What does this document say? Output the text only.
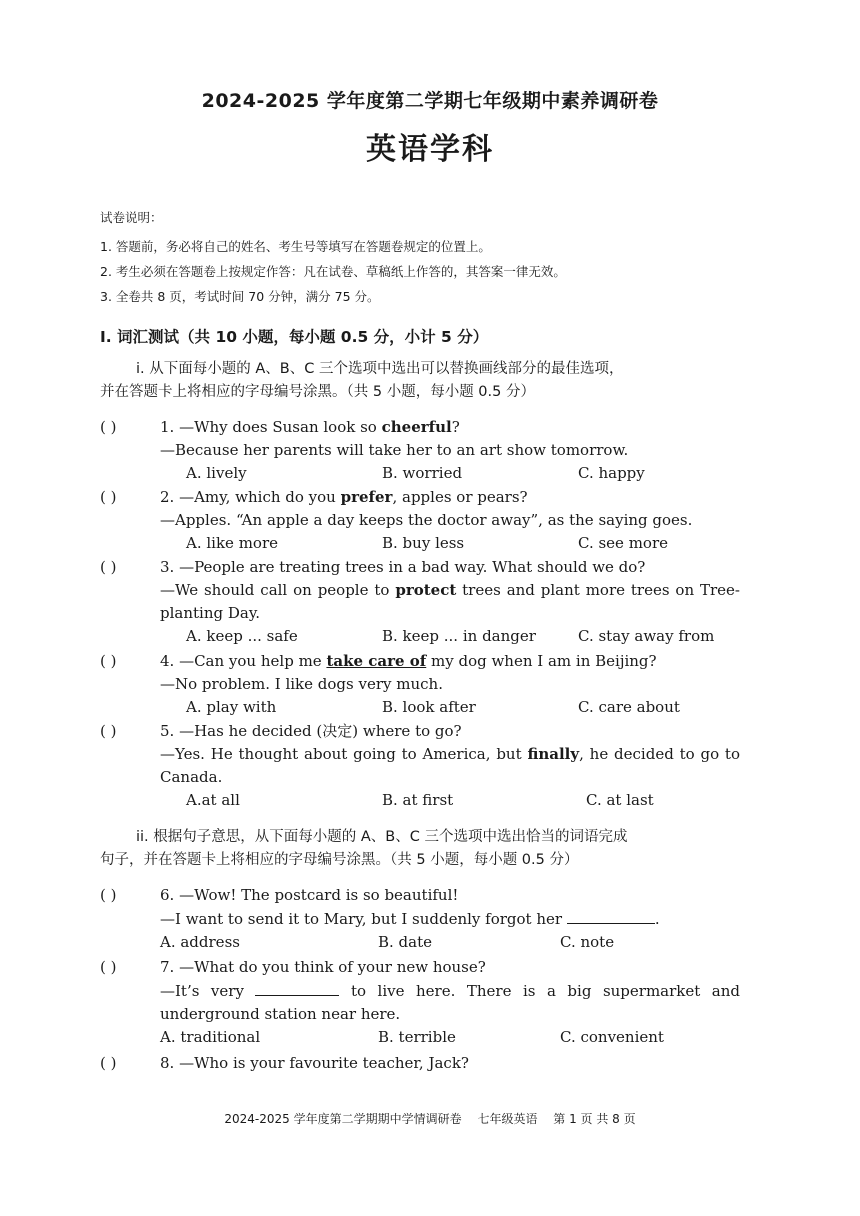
2024-2025 学年度第二学期七年级期中素养调研卷
英语学科
试卷说明：
1. 答题前，务必将自己的姓名、考生号等填写在答题卷规定的位置上。
2. 考生必须在答题卷上按规定作答：凡在试卷、草稿纸上作答的，其答案一律无效。
3. 全卷共 8 页，考试时间 70 分钟，满分 75 分。
I. 词汇测试（共 10 小题，每小题 0.5 分，小计 5 分）
i. 从下面每小题的 A、B、C 三个选项中选出可以替换画线部分的最佳选项，
并在答题卡上将相应的字母编号涂黑。（共 5 小题，每小题 0.5 分）
( )	1. —Why does Susan look so cheerful?
—Because her parents will take her to an art show tomorrow.
A. lively	B. worried	C. happy
( )	2. —Amy, which do you prefer, apples or pears?
—Apples. “An apple a day keeps the doctor away”, as the saying goes.
A. like more	B. buy less	C. see more
( )	3. —People are treating trees in a bad way. What should we do?
—We should call on people to protect trees and plant more trees on Tree-planting Day.
A. keep ... safe	B. keep ... in danger	C. stay away from
( )	4. —Can you help me take care of my dog when I am in Beijing?
—No problem. I like dogs very much.
A. play with	B. look after	C. care about
( )	5. —Has he decided (决定) where to go?
—Yes. He thought about going to America, but finally, he decided to go to Canada.
A.at all	B. at first	C. at last
ii. 根据句子意思，从下面每小题的 A、B、C 三个选项中选出恰当的词语完成
句子，并在答题卡上将相应的字母编号涂黑。（共 5 小题，每小题 0.5 分）
( )	6. —Wow! The postcard is so beautiful!
—I want to send it to Mary, but I suddenly forgot her	.
A. address	B. date	C. note
( )	7. —What do you think of your new house?
—It’s very	to live here. There is a big supermarket and underground station near here.
A. traditional	B. terrible	C. convenient
( )	8. —Who is your favourite teacher, Jack?
2024-2025 学年度第二学期期中学情调研卷 七年级英语 第 1 页 共 8 页
